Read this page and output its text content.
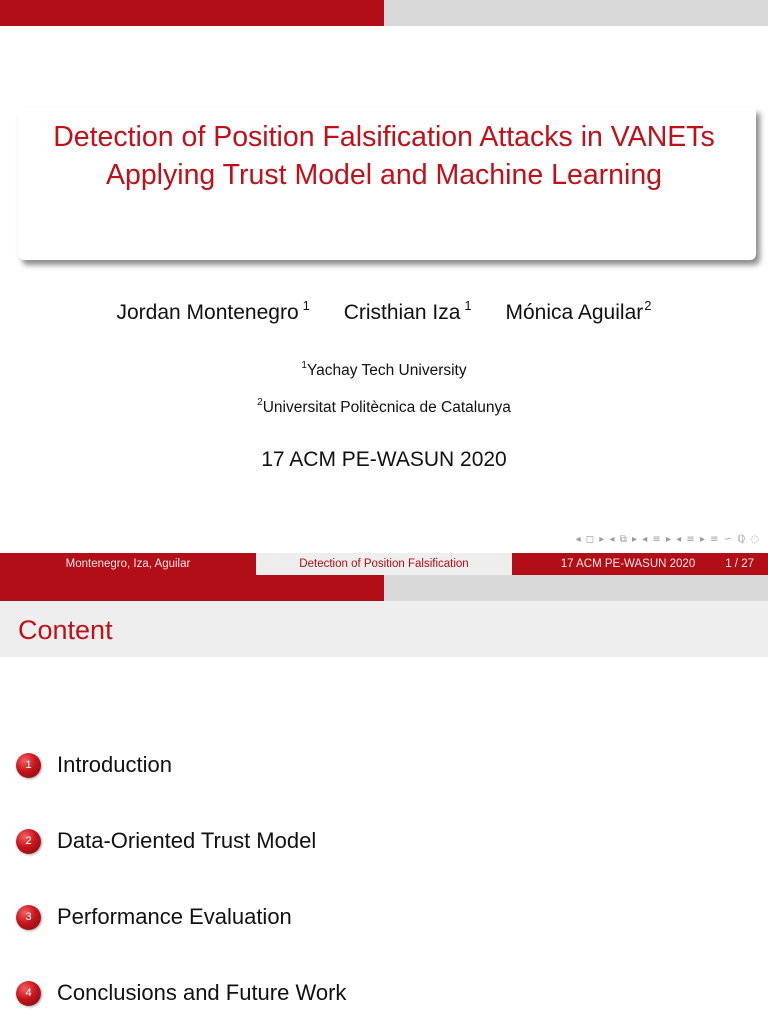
Detection of Position Falsification Attacks in VANETs Applying Trust Model and Machine Learning
Jordan Montenegro $^1$ Cristhian Iza $^1$ Mónica Aguilar$^2$
$^1$Yachay Tech University
$^2$Universitat Politècnica de Catalunya
17 ACM PE-WASUN 2020
◂ ◻ ▸ ◂ ⧉ ▸ ◂ ≡ ▸ ◂ ≡ ▸ ≡ ∽ ℚ ◌
Montenegro, Iza, Aguilar	Detection of Position Falsification	17 ACM PE-WASUN 2020	1 / 27
Content
1	Introduction
2	Data-Oriented Trust Model
3	Performance Evaluation
4	Conclusions and Future Work
